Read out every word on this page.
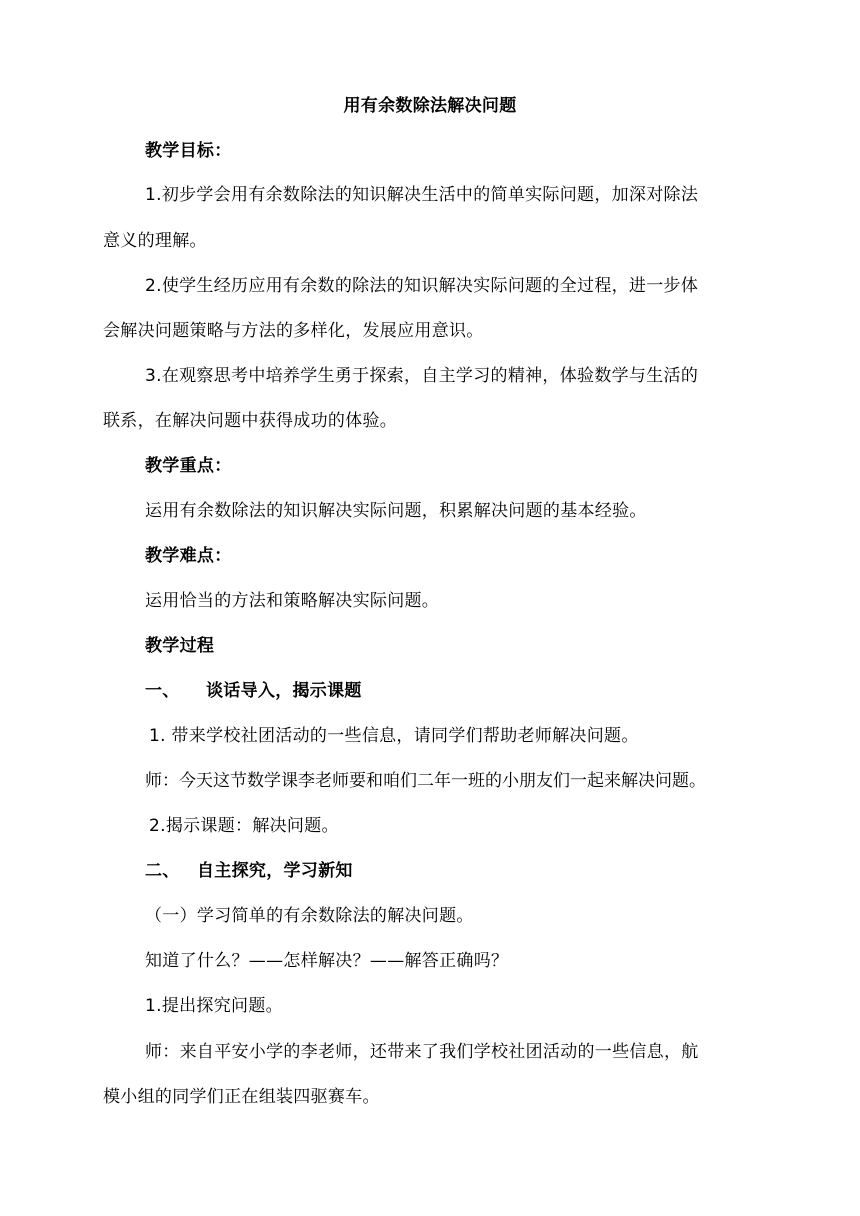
用有余数除法解决问题
教学目标：
1.初步学会用有余数除法的知识解决生活中的简单实际问题，加深对除法
意义的理解。
2.使学生经历应用有余数的除法的知识解决实际问题的全过程，进一步体
会解决问题策略与方法的多样化，发展应用意识。
3.在观察思考中培养学生勇于探索，自主学习的精神，体验数学与生活的
联系，在解决问题中获得成功的体验。
教学重点：
运用有余数除法的知识解决实际问题，积累解决问题的基本经验。
教学难点：
运用恰当的方法和策略解决实际问题。
教学过程
一、 谈话导入，揭示课题
1. 带来学校社团活动的一些信息，请同学们帮助老师解决问题。
师：今天这节数学课李老师要和咱们二年一班的小朋友们一起来解决问题。
2.揭示课题：解决问题。
二、 自主探究，学习新知
（一）学习简单的有余数除法的解决问题。
知道了什么？——怎样解决？——解答正确吗？
1.提出探究问题。
师：来自平安小学的李老师，还带来了我们学校社团活动的一些信息，航
模小组的同学们正在组装四驱赛车。
